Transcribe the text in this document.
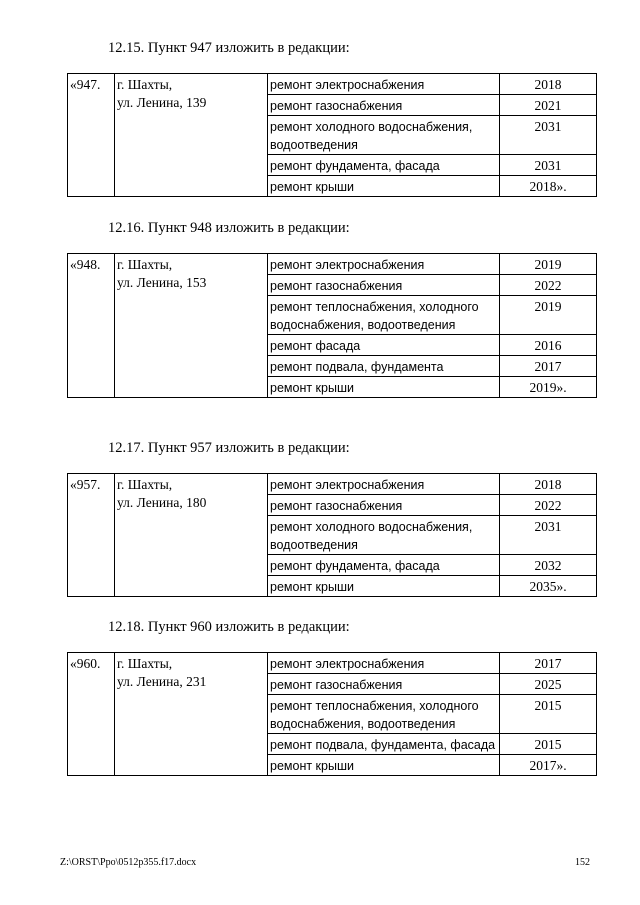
12.15. Пункт 947 изложить в редакции:
«947.	г. Шахты,
ул. Ленина, 139	ремонт электроснабжения	2018
		ремонт газоснабжения	2021
		ремонт холодного водоснабжения, водоотведения	2031
		ремонт фундамента, фасада	2031
		ремонт крыши	2018».
12.16. Пункт 948 изложить в редакции:
«948.	г. Шахты,
ул. Ленина, 153	ремонт электроснабжения	2019
		ремонт газоснабжения	2022
		ремонт теплоснабжения, холодного водоснабжения, водоотведения	2019
		ремонт фасада	2016
		ремонт подвала, фундамента	2017
		ремонт крыши	2019».
12.17. Пункт 957 изложить в редакции:
«957.	г. Шахты,
ул. Ленина, 180	ремонт электроснабжения	2018
		ремонт газоснабжения	2022
		ремонт холодного водоснабжения, водоотведения	2031
		ремонт фундамента, фасада	2032
		ремонт крыши	2035».
12.18. Пункт 960 изложить в редакции:
«960.	г. Шахты,
ул. Ленина, 231	ремонт электроснабжения	2017
		ремонт газоснабжения	2025
		ремонт теплоснабжения, холодного водоснабжения, водоотведения	2015
		ремонт подвала, фундамента, фасада	2015
		ремонт крыши	2017».
Z:\ORST\Ppo\0512p355.f17.docx	152
